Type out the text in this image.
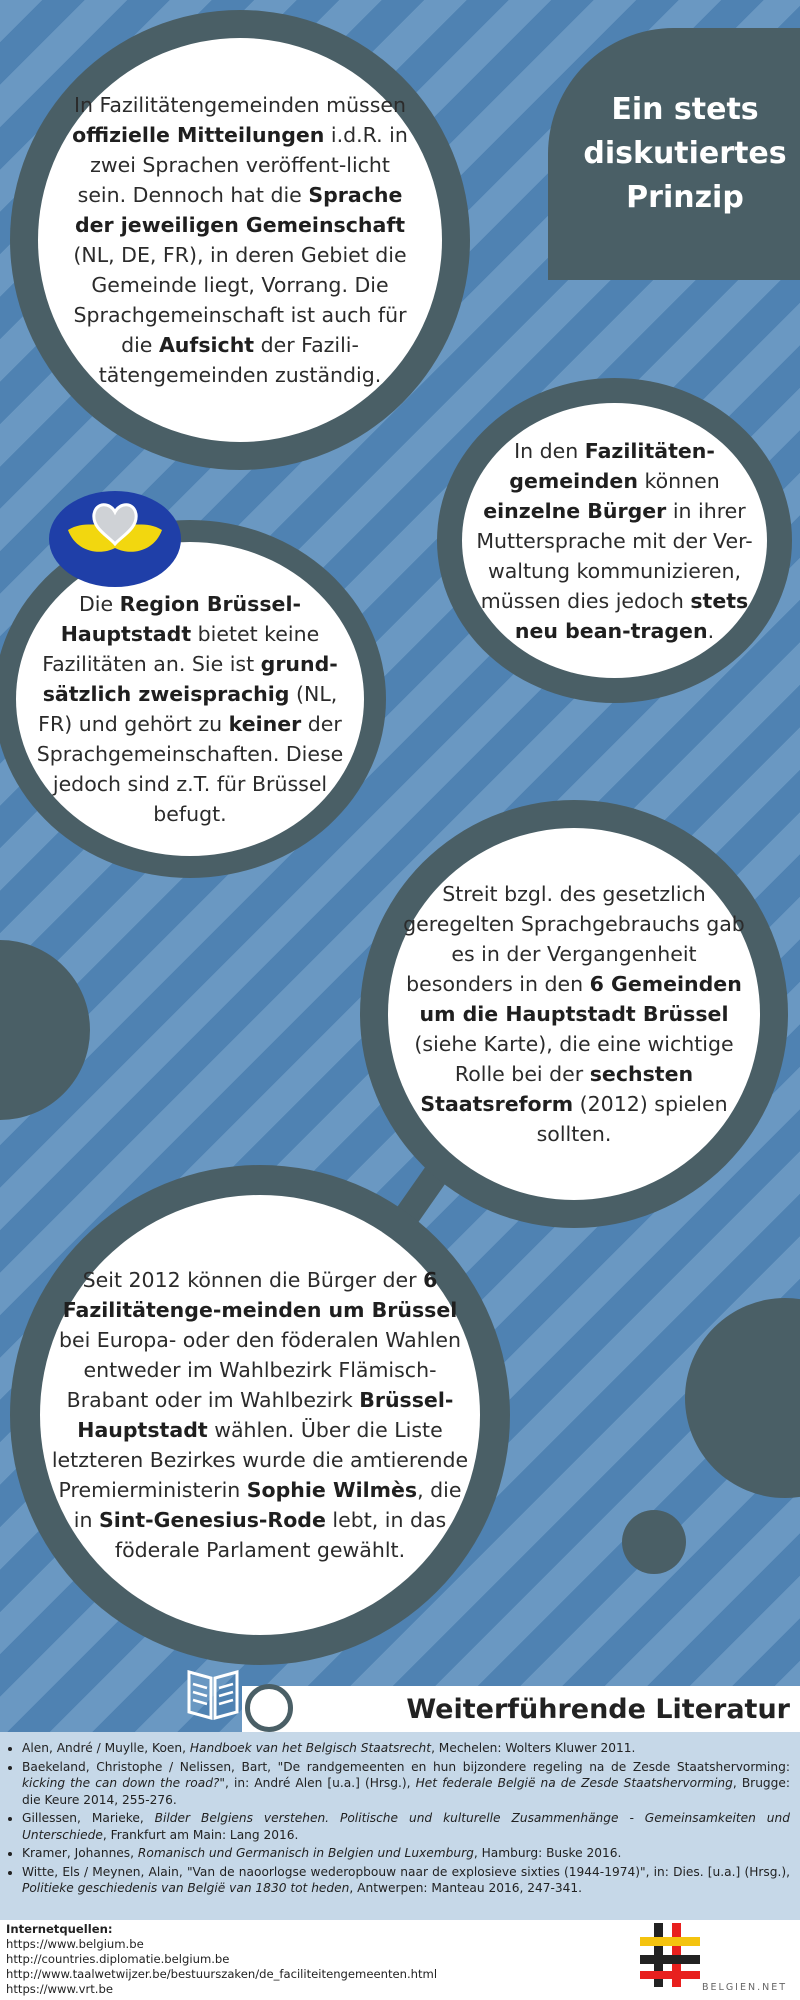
Ein stets
diskutiertes
Prinzip
In Fazilitätengemeinden müssen offizielle Mitteilungen i.d.R. in zwei Sprachen veröffent-licht sein. Dennoch hat die Sprache der jeweiligen Gemeinschaft (NL, DE, FR), in deren Gebiet die Gemeinde liegt, Vorrang. Die Sprachgemeinschaft ist auch für die Aufsicht der Fazili-tätengemeinden zuständig.
In den Fazilitäten-gemeinden können einzelne Bürger in ihrer Muttersprache mit der Ver-waltung kommunizieren, müssen dies jedoch stets neu bean-tragen.
Die Region Brüssel-Hauptstadt bietet keine Fazilitäten an. Sie ist grund-sätzlich zweisprachig (NL, FR) und gehört zu keiner der Sprachgemeinschaften. Diese jedoch sind z.T. für Brüssel befugt.
Streit bzgl. des gesetzlich geregelten Sprachgebrauchs gab es in der Vergangenheit besonders in den 6 Gemeinden um die Hauptstadt Brüssel (siehe Karte), die eine wichtige Rolle bei der sechsten Staatsreform (2012) spielen sollten.
Seit 2012 können die Bürger der 6 Fazilitätenge-meinden um Brüssel bei Europa- oder den föderalen Wahlen entweder im Wahlbezirk Flämisch-Brabant oder im Wahlbezirk Brüssel-Hauptstadt wählen. Über die Liste letzteren Bezirkes wurde die amtierende Premierministerin Sophie Wilmès, die in Sint-Genesius-Rode lebt, in das föderale Parlament gewählt.
Weiterführende Literatur
• Alen, André / Muylle, Koen, Handboek van het Belgisch Staatsrecht, Mechelen: Wolters Kluwer 2011.
• Baekeland, Christophe / Nelissen, Bart, "De randgemeenten en hun bijzondere regeling na de Zesde Staatshervorming: kicking the can down the road?", in: André Alen [u.a.] (Hrsg.), Het federale België na de Zesde Staatshervorming, Brugge: die Keure 2014, 255-276.
• Gillessen, Marieke, Bilder Belgiens verstehen. Politische und kulturelle Zusammenhänge - Gemeinsamkeiten und Unterschiede, Frankfurt am Main: Lang 2016.
• Kramer, Johannes, Romanisch und Germanisch in Belgien und Luxemburg, Hamburg: Buske 2016.
• Witte, Els / Meynen, Alain, "Van de naoorlogse wederopbouw naar de explosieve sixties (1944-1974)", in: Dies. [u.a.] (Hrsg.), Politieke geschiedenis van België van 1830 tot heden, Antwerpen: Manteau 2016, 247-341.
Internetquellen:
https://www.belgium.be
http://countries.diplomatie.belgium.be
http://www.taalwetwijzer.be/bestuurszaken/de_faciliteitengemeenten.html
https://www.vrt.be	BELGIEN.NET
